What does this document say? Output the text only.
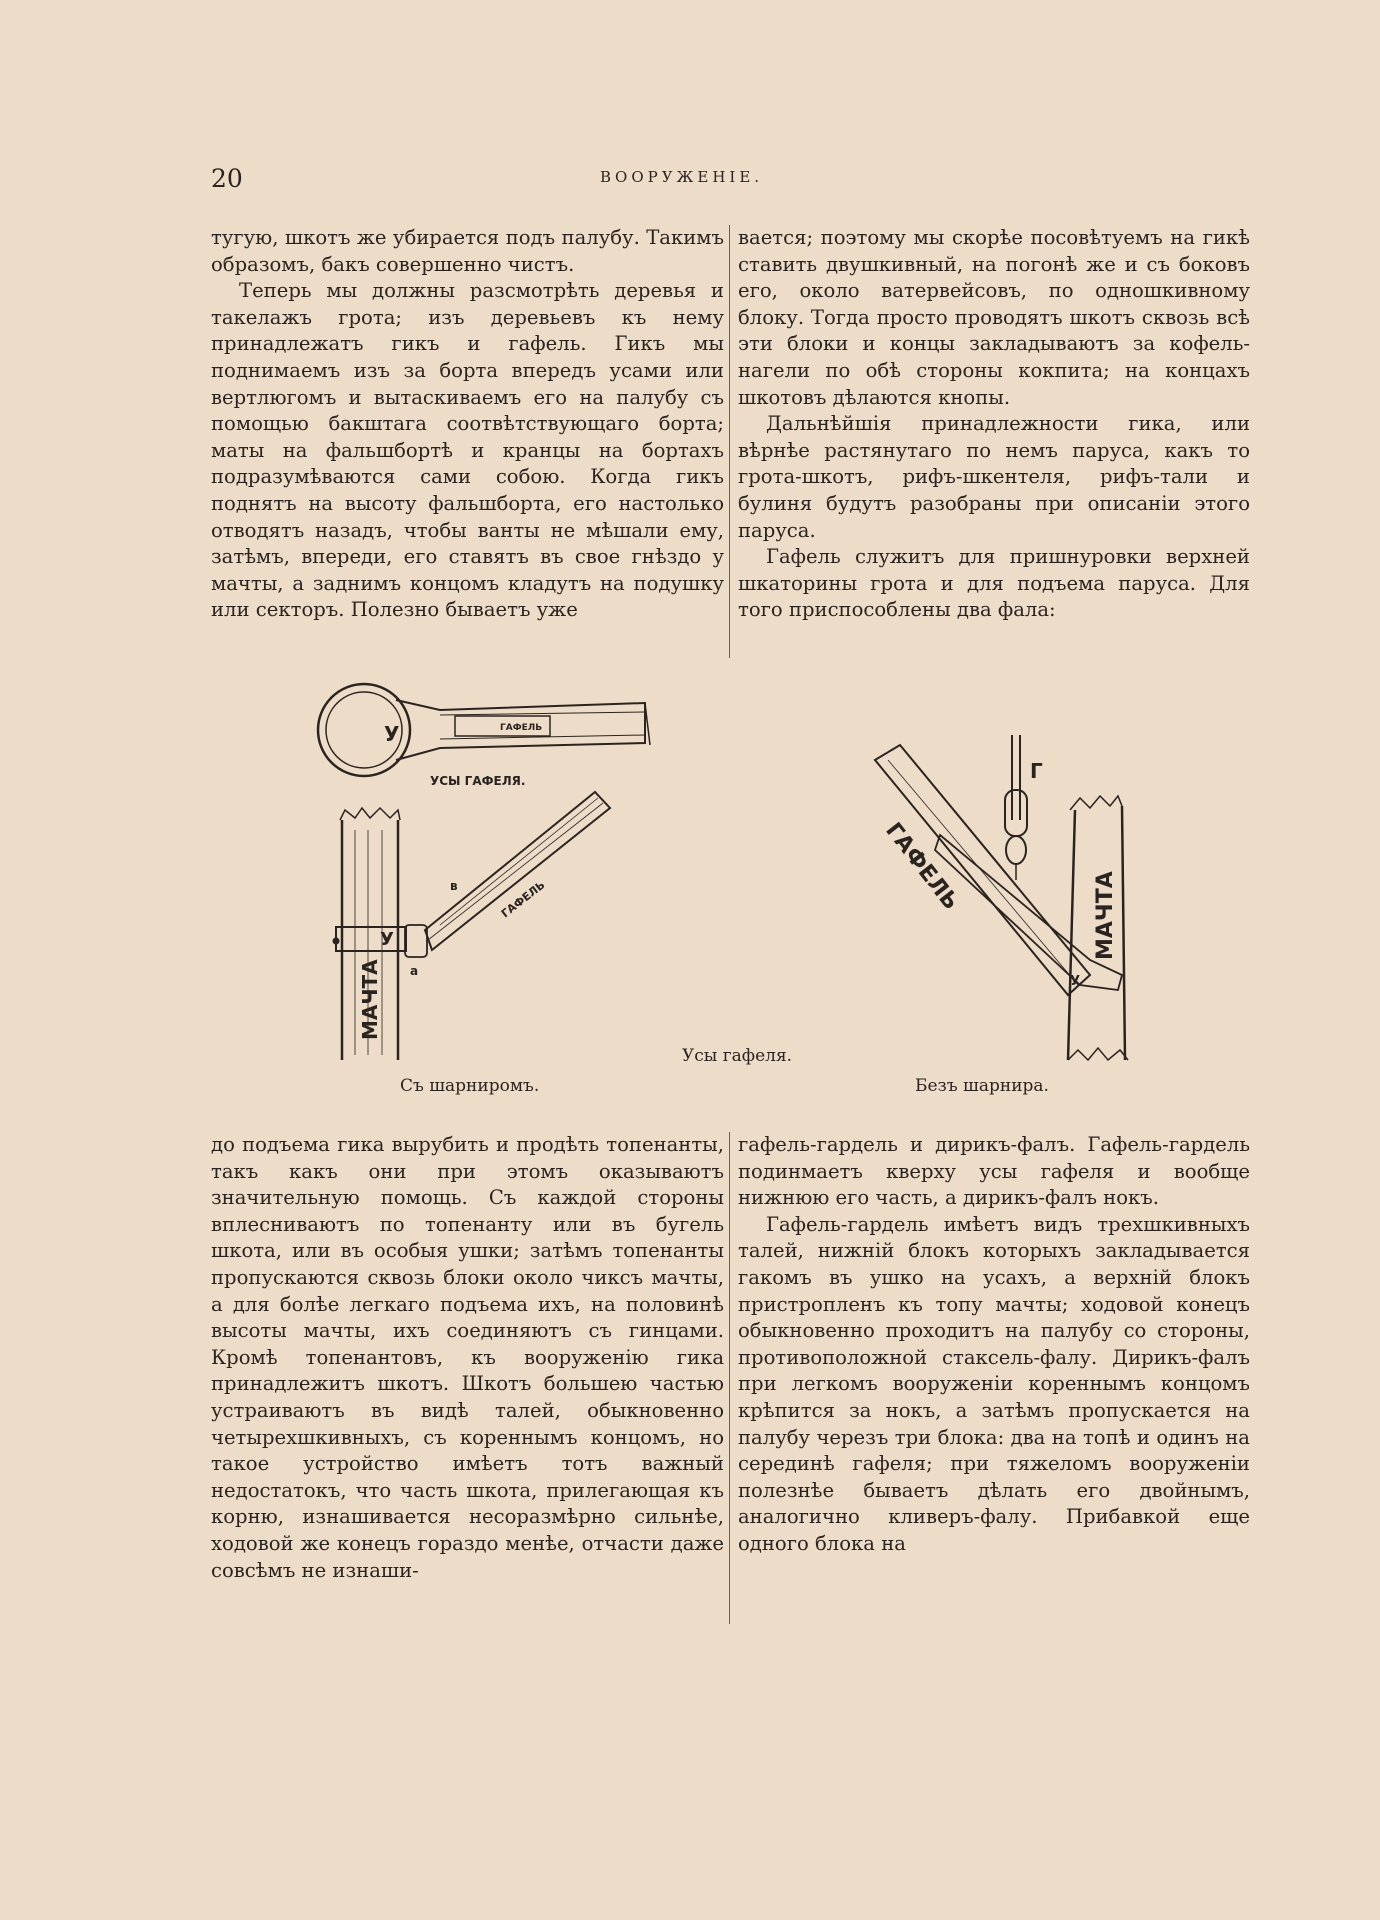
20	ВООРУЖЕНІЕ.

тугую, шкотъ же убирается подъ палубу. Такимъ образомъ, бакъ совершенно чистъ.

Теперь мы должны разсмотрѣть деревья и такелажъ грота; изъ деревьевъ къ нему принадлежатъ гикъ и гафель. Гикъ мы поднимаемъ изъ за борта впередъ усами или вертлюгомъ и вытаскиваемъ его на палубу съ помощью бакштага соотвѣтствующаго борта; маты на фальшбортѣ и кранцы на бортахъ подразумѣваются сами собою. Когда гикъ поднятъ на высоту фальшборта, его настолько отводятъ назадъ, чтобы ванты не мѣшали ему, затѣмъ, впереди, его ставятъ въ свое гнѣздо у мачты, а заднимъ концомъ кладутъ на подушку или секторъ. Полезно бываетъ уже

вается; поэтому мы скорѣе посовѣтуемъ на гикѣ ставить двушкивный, на погонѣ же и съ боковъ его, около ватервейсовъ, по одношкивному блоку. Тогда просто проводятъ шкотъ сквозь всѣ эти блоки и концы закладываютъ за кофель-нагели по обѣ стороны кокпита; на концахъ шкотовъ дѣлаются кнопы.

Дальнѣйшія принадлежности гика, или вѣрнѣе растянутаго по немъ паруса, какъ то грота-шкотъ, рифъ-шкентеля, рифъ-тали и булиня будутъ разобраны при описаніи этого паруса.

Гафель служитъ для пришнуровки верхней шкаторины грота и для подъема паруса. Для того приспособлены два фала:

У	ГАФЕЛЬ
УСЫ ГАФЕЛЯ.
У
в
а
ГАФЕЛЬ
МАЧТА
Г
ГАФЕЛЬ
МАЧТА
У
Съ шарниромъ.
Усы гафеля.
Безъ шарнира.

до подъема гика вырубить и продѣть топенанты, такъ какъ они при этомъ оказываютъ значительную помощь. Съ каждой стороны вплесниваютъ по топенанту или въ бугель шкота, или въ особыя ушки; затѣмъ топенанты пропускаются сквозь блоки около чиксъ мачты, а для болѣе легкаго подъема ихъ, на половинѣ высоты мачты, ихъ соединяютъ съ гинцами. Кромѣ топенантовъ, къ вооруженію гика принадлежитъ шкотъ. Шкотъ большею частью устраиваютъ въ видѣ талей, обыкновенно четырехшкивныхъ, съ кореннымъ концомъ, но такое устройство имѣетъ тотъ важный недостатокъ, что часть шкота, прилегающая къ корню, изнашивается несоразмѣрно сильнѣе, ходовой же конецъ гораздо менѣе, отчасти даже совсѣмъ не изнаши-

гафель-гардель и дирикъ-фалъ. Гафель-гардель подинмаетъ кверху усы гафеля и вообще нижнюю его часть, а дирикъ-фалъ нокъ.

Гафель-гардель имѣетъ видъ трехшкивныхъ талей, нижній блокъ которыхъ закладывается гакомъ въ ушко на усахъ, а верхній блокъ пристропленъ къ топу мачты; ходовой конецъ обыкновенно проходитъ на палубу со стороны, противоположной стаксель-фалу. Дирикъ-фалъ при легкомъ вооруженіи кореннымъ концомъ крѣпится за нокъ, а затѣмъ пропускается на палубу черезъ три блока: два на топѣ и одинъ на серединѣ гафеля; при тяжеломъ вооруженіи полезнѣе бываетъ дѣлать его двойнымъ, аналогично кливеръ-фалу. Прибавкой еще одного блока на
